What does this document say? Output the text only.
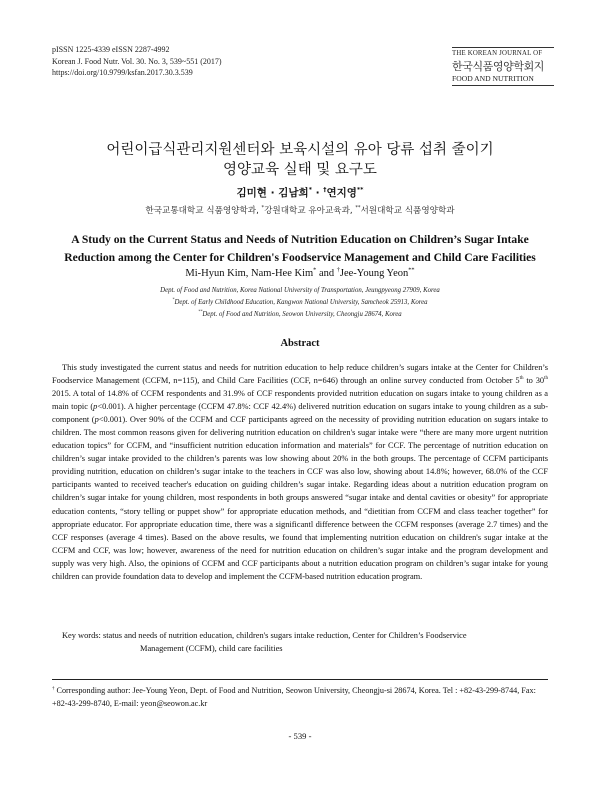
pISSN 1225-4339 eISSN 2287-4992
Korean J. Food Nutr. Vol. 30. No. 3, 539~551 (2017)
https://doi.org/10.9799/ksfan.2017.30.3.539
THE KOREAN JOURNAL OF
한국식품영양학회지
FOOD AND NUTRITION
어린이급식관리지원센터와 보육시설의 유아 당류 섭취 줄이기
영양교육 실태 및 요구도
김미현 · 김남희* · †연지영**
한국교통대학교 식품영양학과, *강원대학교 유아교육과, **서원대학교 식품영양학과
A Study on the Current Status and Needs of Nutrition Education on Children’s Sugar Intake
Reduction among the Center for Children's Foodservice Management and Child Care Facilities
Mi-Hyun Kim, Nam-Hee Kim* and †Jee-Young Yeon**
Dept. of Food and Nutrition, Korea National University of Transportation, Jeungpyeong 27909, Korea
*Dept. of Early Childhood Education, Kangwon National University, Samcheok 25913, Korea
**Dept. of Food and Nutrition, Seowon University, Cheongju 28674, Korea
Abstract
This study investigated the current status and needs for nutrition education to help reduce children’s sugars intake at the Center for Children’s Foodservice Management (CCFM, n=115), and Child Care Facilities (CCF, n=646) through an online survey conducted from October 5th to 30th 2015. A total of 14.8% of CCFM respondents and 31.9% of CCF respondents provided nutrition education on sugars intake to young children as a main topic (p<0.001). A higher percentage (CCFM 47.8%: CCF 42.4%) delivered nutrition education on sugars intake to young children as a sub-component (p<0.001). Over 90% of the CCFM and CCF participants agreed on the necessity of providing nutrition education on sugars intake to children. The most common reasons given for delivering nutrition education on children's sugar intake were “there are many more urgent nutrition education topics” for CCFM, and “insufficient nutrition education information and materials” for CCF. The percentage of nutrition education on children’s sugar intake provided to the children’s parents was low showing about 20% in the both groups. The percentage of CCFM participants providing nutrition, education on children’s sugar intake to the teachers in CCF was also low, showing about 14.8%; however, 68.0% of the CCF participants wanted to received teacher's education on guiding children’s sugar intake. Regarding ideas about a nutrition education program on children’s sugar intake for young children, most respondents in both groups answered “sugar intake and dental cavities or obesity” for appropriate education contents, “story telling or puppet show” for appropriate education methods, and “dietitian from CCFM and class teacher together” for appropriate educator. For appropriate education time, there was a significantl difference between the CCFM responses (average 2.7 times) and the CCF responses (average 4 times). Based on the above results, we found that implementing nutrition education on children's sugar intake at the CCFM and CCF, was low; however, awareness of the need for nutrition education on children’s sugar intake and the program development and supply was very high. Also, the opinions of CCFM and CCF participants about a nutrition education program on children’s sugar intake for young children can provide foundation data to develop and implement the CCFM-based nutrition education program.
Key words: status and needs of nutrition education, children's sugars intake reduction, Center for Children’s Foodservice
Management (CCFM), child care facilities
† Corresponding author: Jee-Young Yeon, Dept. of Food and Nutrition, Seowon University, Cheongju-si 28674, Korea. Tel : +82-43-299-8744, Fax: +82-43-299-8740, E-mail: yeon@seowon.ac.kr
- 539 -
